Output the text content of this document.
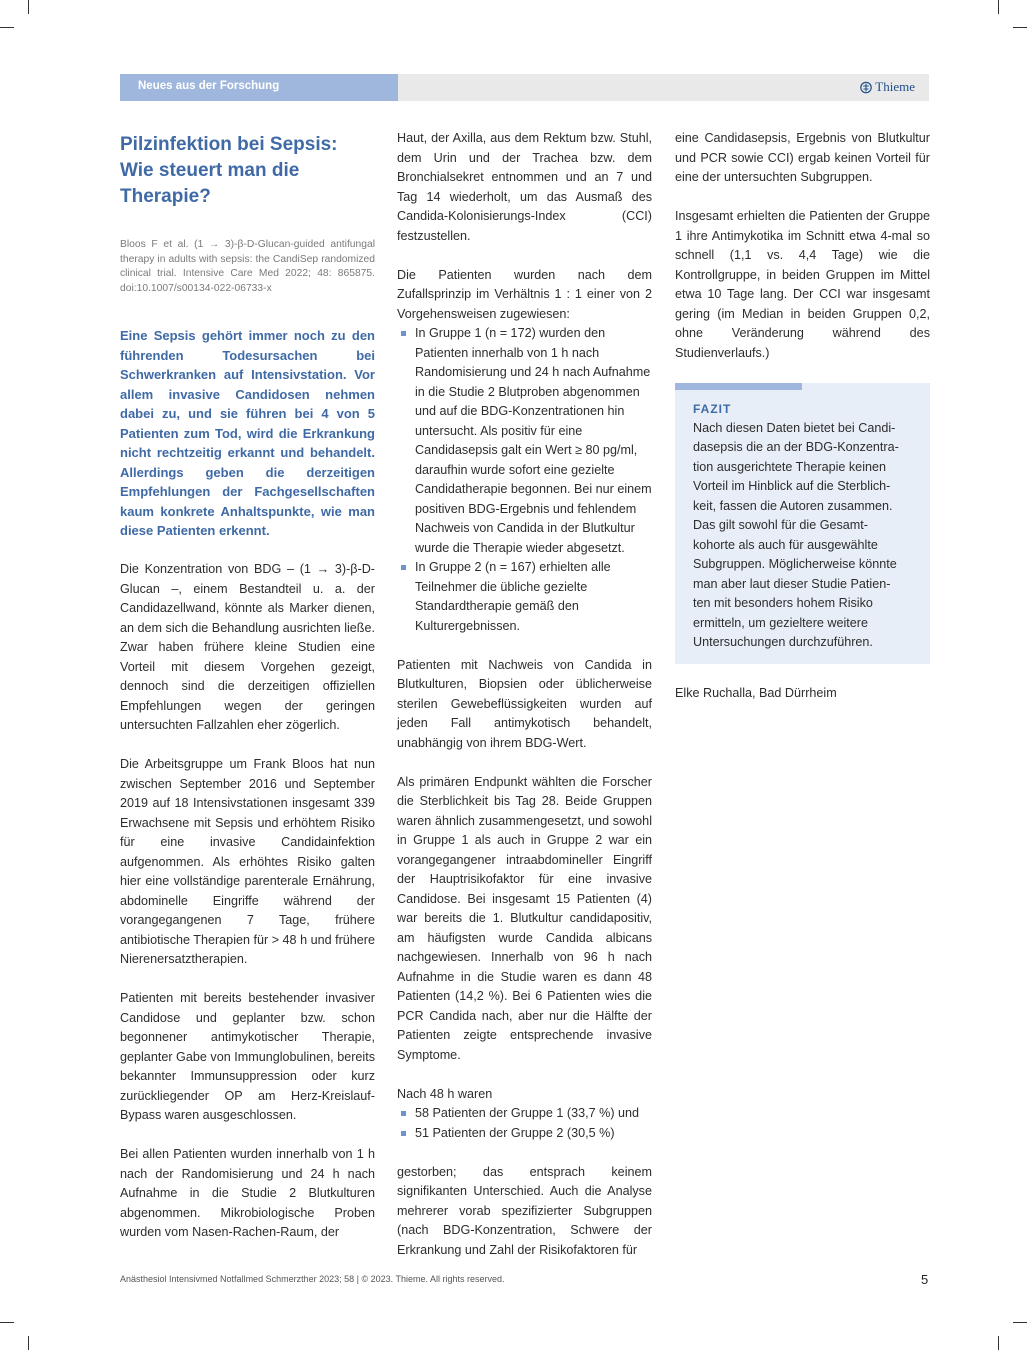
Neues aus der Forschung	Thieme
Pilzinfektion bei Sepsis: Wie steuert man die Therapie?

Bloos F et al. (1 → 3)-β-D-Glucan-guided antifungal therapy in adults with sepsis: the CandiSep randomized clinical trial. Intensive Care Med 2022; 48: 865875. doi:10.1007/s00134-022-06733-x

Eine Sepsis gehört immer noch zu den führenden Todesursachen bei Schwerkranken auf Intensivstation. Vor allem invasive Candidosen nehmen dabei zu, und sie führen bei 4 von 5 Patienten zum Tod, wird die Erkrankung nicht rechtzeitig erkannt und behandelt. Allerdings geben die derzeitigen Empfehlungen der Fachgesellschaften kaum konkrete Anhaltspunkte, wie man diese Patienten erkennt.

Die Konzentration von BDG – (1 → 3)-β-D-Glucan –, einem Bestandteil u. a. der Candidazellwand, könnte als Marker dienen, an dem sich die Behandlung ausrichten ließe. Zwar haben frühere kleine Studien eine Vorteil mit diesem Vorgehen gezeigt, dennoch sind die derzeitigen offiziellen Empfehlungen wegen der geringen untersuchten Fallzahlen eher zögerlich.

Die Arbeitsgruppe um Frank Bloos hat nun zwischen September 2016 und September 2019 auf 18 Intensivstationen insgesamt 339 Erwachsene mit Sepsis und erhöhtem Risiko für eine invasive Candidainfektion aufgenommen. Als erhöhtes Risiko galten hier eine vollständige parenterale Ernährung, abdominelle Eingriffe während der vorangegangenen 7 Tage, frühere antibiotische Therapien für > 48 h und frühere Nierenersatztherapien.

Patienten mit bereits bestehender invasiver Candidose und geplanter bzw. schon begonnener antimykotischer Therapie, geplanter Gabe von Immunglobulinen, bereits bekannter Immunsuppression oder kurz zurückliegender OP am Herz-Kreislauf-Bypass waren ausgeschlossen.

Bei allen Patienten wurden innerhalb von 1 h nach der Randomisierung und 24 h nach Aufnahme in die Studie 2 Blutkulturen abgenommen. Mikrobiologische Proben wurden vom Nasen-Rachen-Raum, der

Haut, der Axilla, aus dem Rektum bzw. Stuhl, dem Urin und der Trachea bzw. dem Bronchialsekret entnommen und an 7 und Tag 14 wiederholt, um das Ausmaß des Candida-Kolonisierungs-Index (CCI) festzustellen.

Die Patienten wurden nach dem Zufallsprinzip im Verhältnis 1 : 1 einer von 2 Vorgehensweisen zugewiesen:

In Gruppe 1 (n = 172) wurden den Patienten innerhalb von 1 h nach Randomisierung und 24 h nach Aufnahme in die Studie 2 Blutproben abgenommen und auf die BDG-Konzentrationen hin untersucht. Als positiv für eine Candidasepsis galt ein Wert ≥ 80 pg/ml, daraufhin wurde sofort eine gezielte Candidatherapie begonnen. Bei nur einem positiven BDG-Ergebnis und fehlendem Nachweis von Candida in der Blutkultur wurde die Therapie wieder abgesetzt.
In Gruppe 2 (n = 167) erhielten alle Teilnehmer die übliche gezielte Standardtherapie gemäß den Kulturergebnissen.

Patienten mit Nachweis von Candida in Blutkulturen, Biopsien oder üblicherweise sterilen Gewebeflüssigkeiten wurden auf jeden Fall antimykotisch behandelt, unabhängig von ihrem BDG-Wert.

Als primären Endpunkt wählten die Forscher die Sterblichkeit bis Tag 28. Beide Gruppen waren ähnlich zusammengesetzt, und sowohl in Gruppe 1 als auch in Gruppe 2 war ein vorangegangener intraabdomineller Eingriff der Hauptrisikofaktor für eine invasive Candidose. Bei insgesamt 15 Patienten (4) war bereits die 1. Blutkultur candidapositiv, am häufigsten wurde Candida albicans nachgewiesen. Innerhalb von 96 h nach Aufnahme in die Studie waren es dann 48 Patienten (14,2 %). Bei 6 Patienten wies die PCR Candida nach, aber nur die Hälfte der Patienten zeigte entsprechende invasive Symptome.

Nach 48 h waren

58 Patienten der Gruppe 1 (33,7 %) und
51 Patienten der Gruppe 2 (30,5 %)

gestorben; das entsprach keinem signifikanten Unterschied. Auch die Analyse mehrerer vorab spezifizierter Subgruppen (nach BDG-Konzentration, Schwere der Erkrankung und Zahl der Risikofaktoren für

eine Candidasepsis, Ergebnis von Blutkultur und PCR sowie CCI) ergab keinen Vorteil für eine der untersuchten Subgruppen.

Insgesamt erhielten die Patienten der Gruppe 1 ihre Antimykotika im Schnitt etwa 4-mal so schnell (1,1 vs. 4,4 Tage) wie die Kontrollgruppe, in beiden Gruppen im Mittel etwa 10 Tage lang. Der CCI war insgesamt gering (im Median in beiden Gruppen 0,2, ohne Veränderung während des Studienverlaufs.)

FAZIT
Nach diesen Daten bietet bei Candi-
dasepsis die an der BDG-Konzentra-
tion ausgerichtete Therapie keinen
Vorteil im Hinblick auf die Sterblich-
keit, fassen die Autoren zusammen.
Das gilt sowohl für die Gesamt-
kohorte als auch für ausgewählte
Subgruppen. Möglicherweise könnte
man aber laut dieser Studie Patien-
ten mit besonders hohem Risiko
ermitteln, um gezieltere weitere
Untersuchungen durchzuführen.

Elke Ruchalla, Bad Dürrheim

Anästhesiol Intensivmed Notfallmed Schmerzther 2023; 58 | © 2023. Thieme. All rights reserved.	5
